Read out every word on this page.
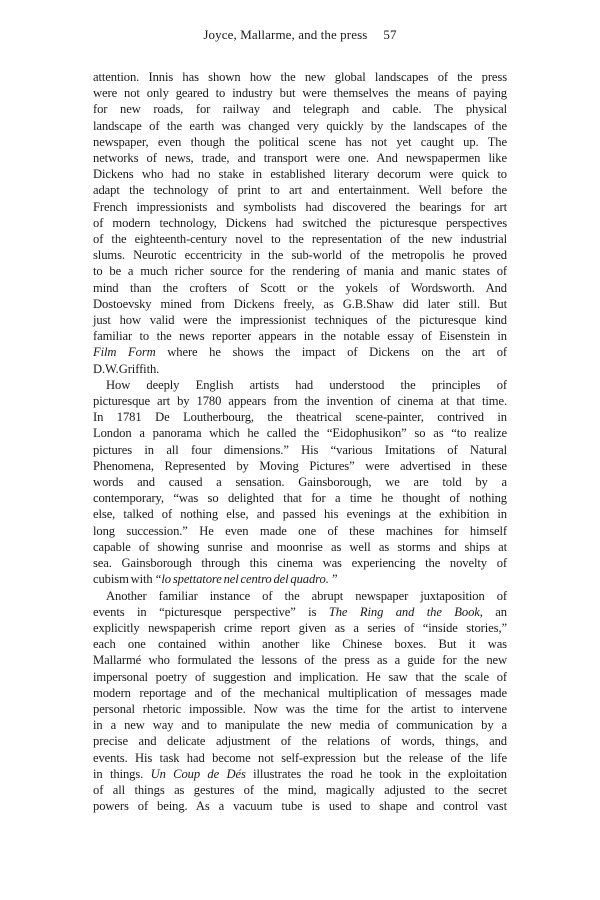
Joyce, Mallarme, and the press 57
attention. Innis has shown how the new global landscapes of the press
were not only geared to industry but were themselves the means of paying
for new roads, for railway and telegraph and cable. The physical
landscape of the earth was changed very quickly by the landscapes of the
newspaper, even though the political scene has not yet caught up. The
networks of news, trade, and transport were one. And newspapermen like
Dickens who had no stake in established literary decorum were quick to
adapt the technology of print to art and entertainment. Well before the
French impressionists and symbolists had discovered the bearings for art
of modern technology, Dickens had switched the picturesque perspectives
of the eighteenth-century novel to the representation of the new industrial
slums. Neurotic eccentricity in the sub-world of the metropolis he proved
to be a much richer source for the rendering of mania and manic states of
mind than the crofters of Scott or the yokels of Wordsworth. And
Dostoevsky mined from Dickens freely, as G.B.Shaw did later still. But
just how valid were the impressionist techniques of the picturesque kind
familiar to the news reporter appears in the notable essay of Eisenstein in
Film Form where he shows the impact of Dickens on the art of
D.W.Griffith.
How deeply English artists had understood the principles of
picturesque art by 1780 appears from the invention of cinema at that time.
In 1781 De Loutherbourg, the theatrical scene-painter, contrived in
London a panorama which he called the “Eidophusikon” so as “to realize
pictures in all four dimensions.” His “various Imitations of Natural
Phenomena, Represented by Moving Pictures” were advertised in these
words and caused a sensation. Gainsborough, we are told by a
contemporary, “was so delighted that for a time he thought of nothing
else, talked of nothing else, and passed his evenings at the exhibition in
long succession.” He even made one of these machines for himself
capable of showing sunrise and moonrise as well as storms and ships at
sea. Gainsborough through this cinema was experiencing the novelty of
cubism with “lo spettatore nel centro del quadro. ”
Another familiar instance of the abrupt newspaper juxtaposition of
events in “picturesque perspective” is The Ring and the Book, an
explicitly newspaperish crime report given as a series of “inside stories,”
each one contained within another like Chinese boxes. But it was
Mallarmé who formulated the lessons of the press as a guide for the new
impersonal poetry of suggestion and implication. He saw that the scale of
modern reportage and of the mechanical multiplication of messages made
personal rhetoric impossible. Now was the time for the artist to intervene
in a new way and to manipulate the new media of communication by a
precise and delicate adjustment of the relations of words, things, and
events. His task had become not self-expression but the release of the life
in things. Un Coup de Dés illustrates the road he took in the exploitation
of all things as gestures of the mind, magically adjusted to the secret
powers of being. As a vacuum tube is used to shape and control vast
